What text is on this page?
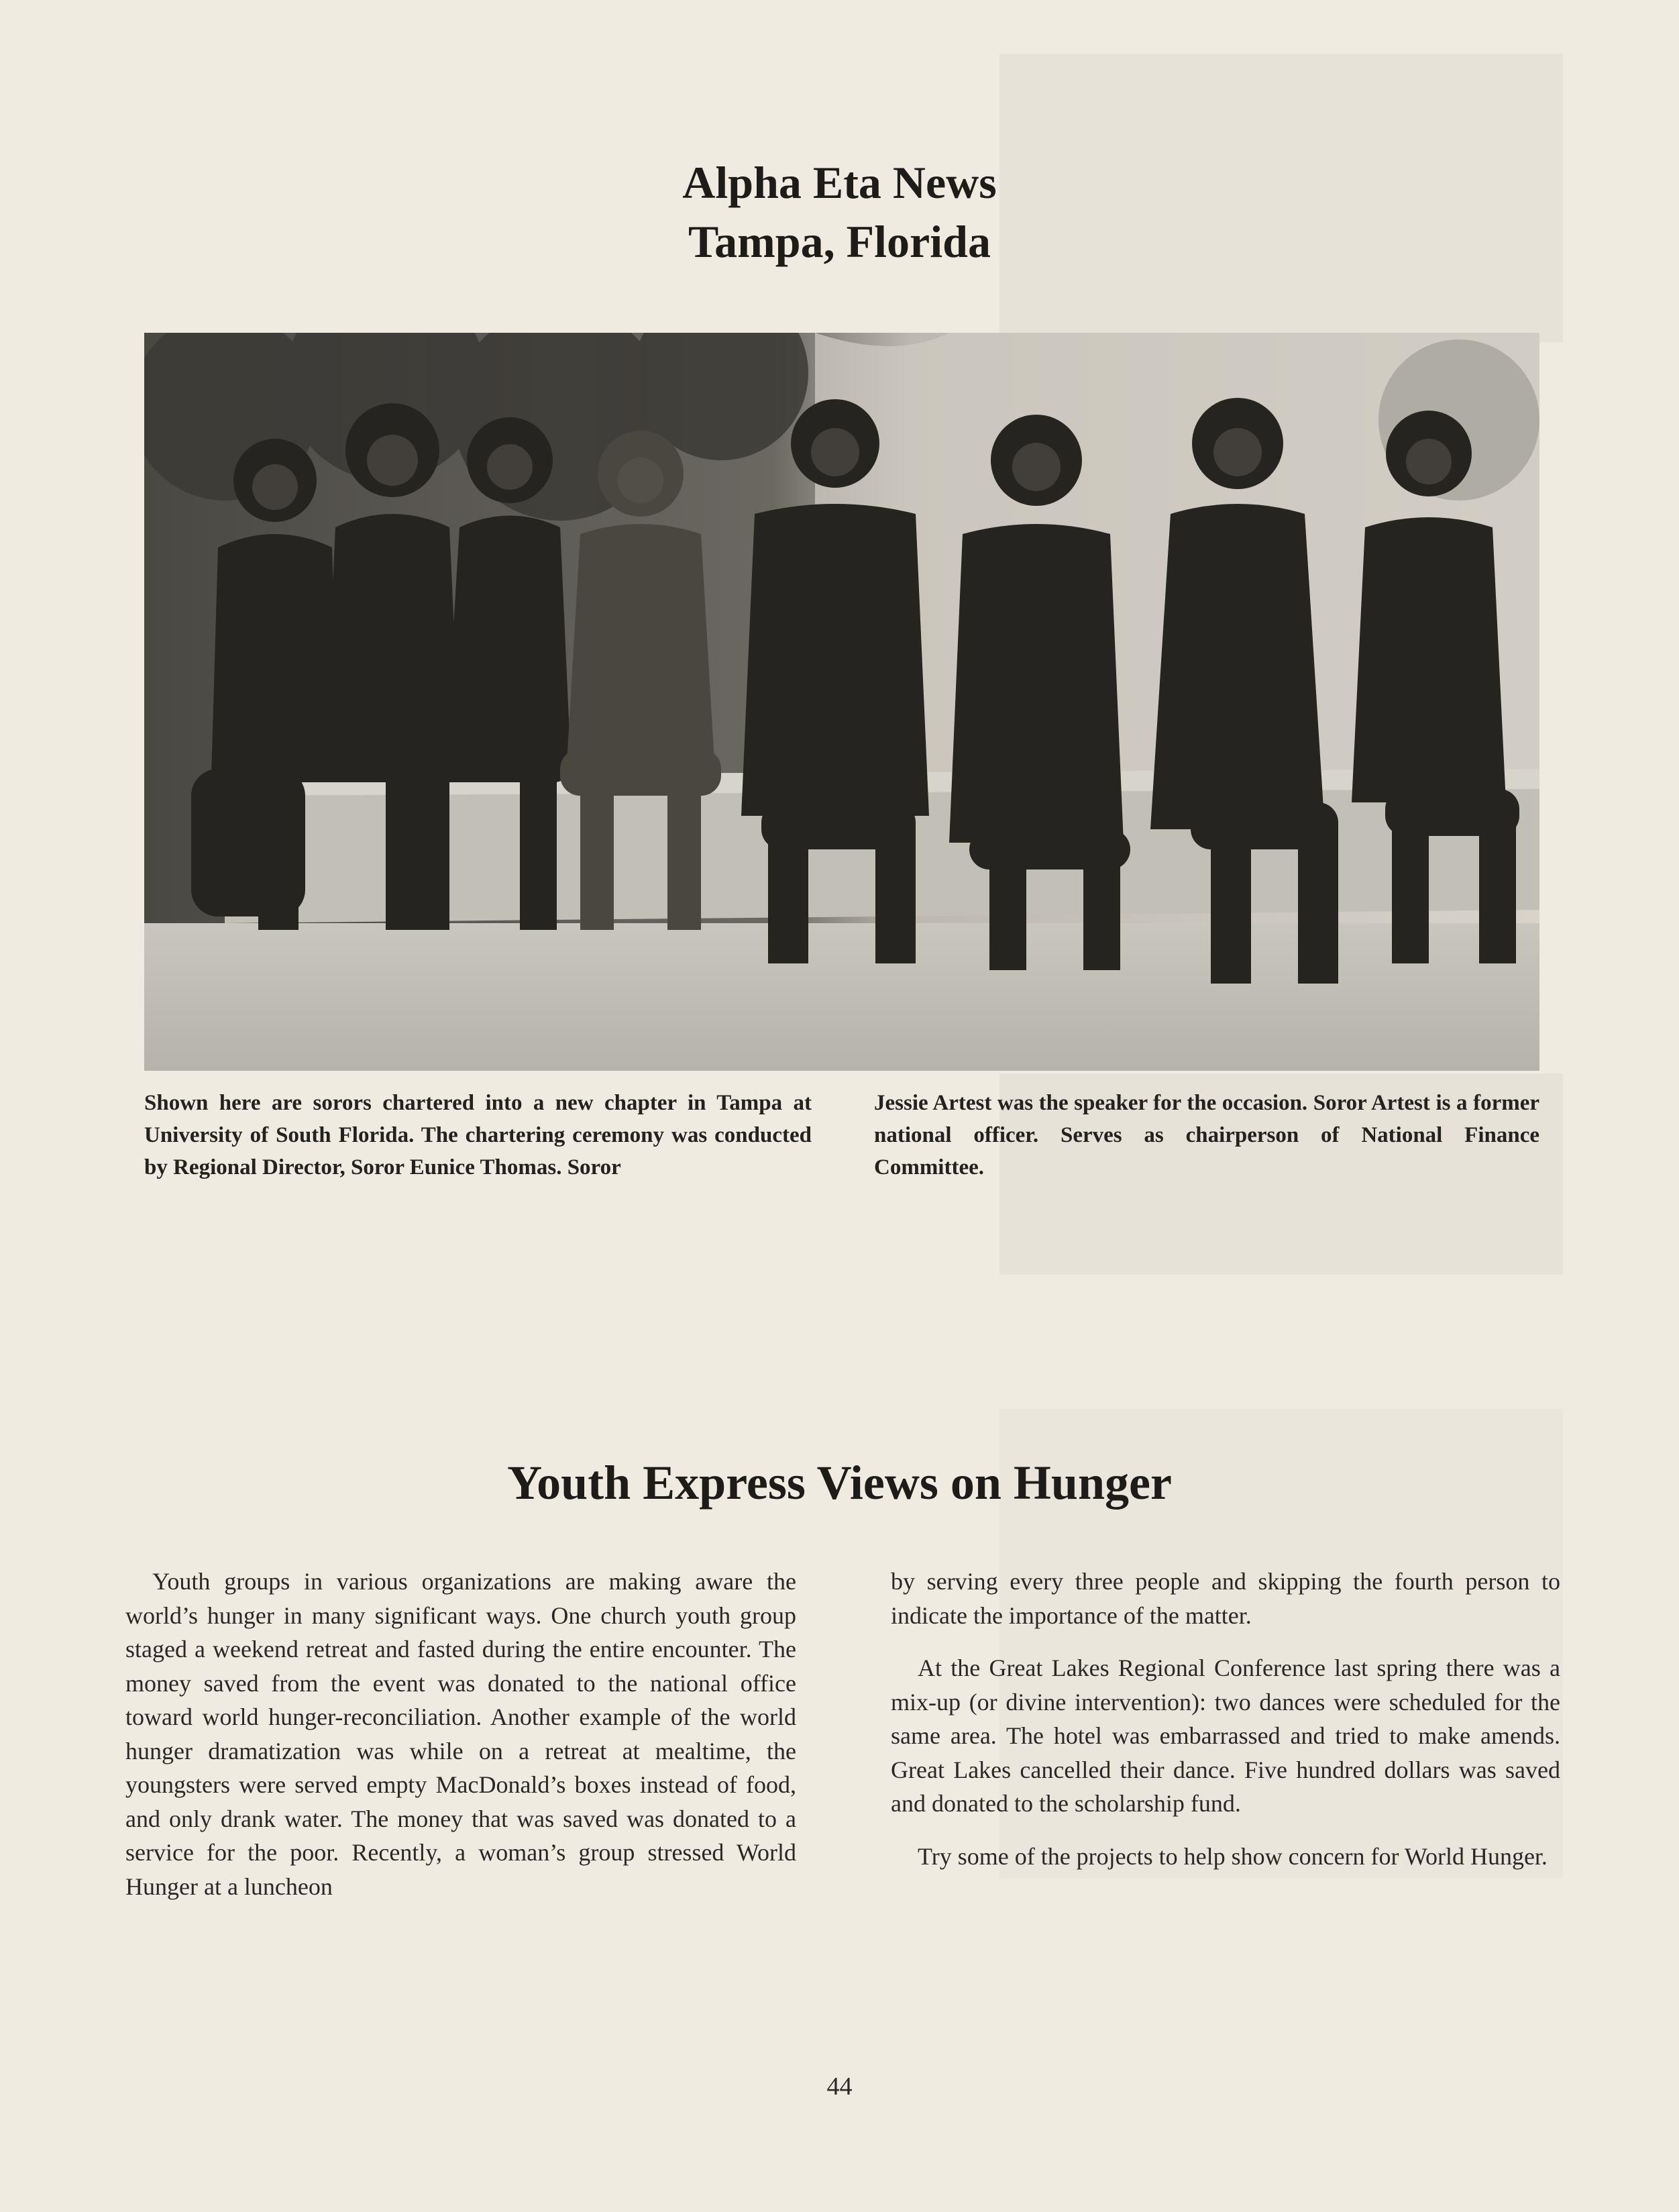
Alpha Eta News
Tampa, Florida
Shown here are sorors chartered into a new chapter in Tampa at University of South Florida. The chartering ceremony was conducted by Regional Director, Soror Eunice Thomas. Soror
Jessie Artest was the speaker for the occasion. Soror Artest is a former national officer. Serves as chairperson of National Finance Committee.
Youth Express Views on Hunger

Youth groups in various organizations are making aware the world’s hunger in many significant ways. One church youth group staged a weekend retreat and fasted during the entire encounter. The money saved from the event was donated to the national office toward world hunger-reconciliation. Another example of the world hunger dramatization was while on a retreat at mealtime, the youngsters were served empty MacDonald’s boxes instead of food, and only drank water. The money that was saved was donated to a service for the poor. Recently, a woman’s group stressed World Hunger at a luncheon

by serving every three people and skipping the fourth person to indicate the importance of the matter.

At the Great Lakes Regional Conference last spring there was a mix-up (or divine intervention): two dances were scheduled for the same area. The hotel was embarrassed and tried to make amends. Great Lakes cancelled their dance. Five hundred dollars was saved and donated to the scholarship fund.

Try some of the projects to help show concern for World Hunger.

44
